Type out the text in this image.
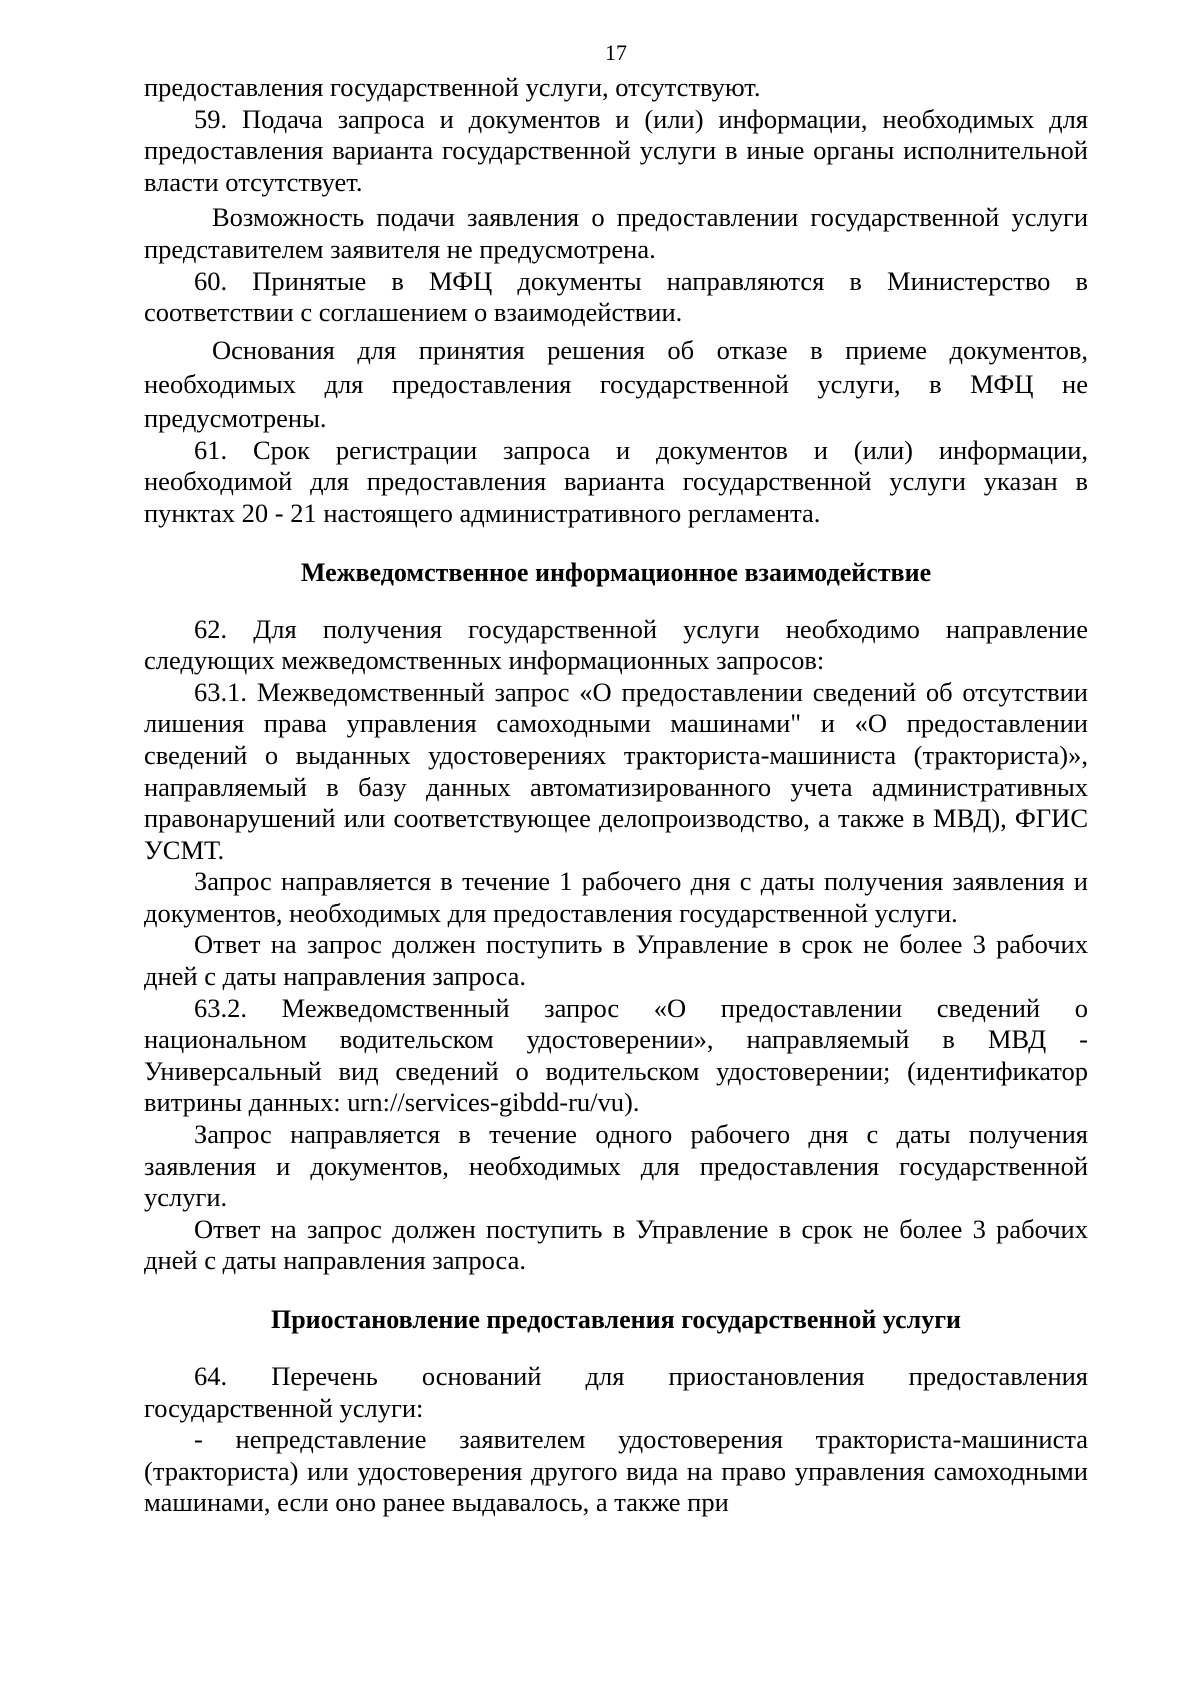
17

предоставления государственной услуги, отсутствуют.

59. Подача запроса и документов и (или) информации, необходимых для предоставления варианта государственной услуги в иные органы исполнительной власти отсутствует.

Возможность подачи заявления о предоставлении государственной услуги представителем заявителя не предусмотрена.

60. Принятые в МФЦ документы направляются в Министерство в соответствии с соглашением о взаимодействии.

Основания для принятия решения об отказе в приеме документов, необходимых для предоставления государственной услуги, в МФЦ не предусмотрены.

61. Срок регистрации запроса и документов и (или) информации, необходимой для предоставления варианта государственной услуги указан в пунктах 20 - 21 настоящего административного регламента.

Межведомственное информационное взаимодействие

62. Для получения государственной услуги необходимо направление следующих межведомственных информационных запросов:

63.1. Межведомственный запрос «О предоставлении сведений об отсутствии лишения права управления самоходными машинами" и «О предоставлении сведений о выданных удостоверениях тракториста-машиниста (тракториста)», направляемый в базу данных автоматизированного учета административных правонарушений или соответствующее делопроизводство, а также в МВД), ФГИС УСМТ.

Запрос направляется в течение 1 рабочего дня с даты получения заявления и документов, необходимых для предоставления государственной услуги.

Ответ на запрос должен поступить в Управление в срок не более 3 рабочих дней с даты направления запроса.

63.2. Межведомственный запрос «О предоставлении сведений о национальном водительском удостоверении», направляемый в МВД - Универсальный вид сведений о водительском удостоверении; (идентификатор витрины данных: urn://services-gibdd-ru/vu).

Запрос направляется в течение одного рабочего дня с даты получения заявления и документов, необходимых для предоставления государственной услуги.

Ответ на запрос должен поступить в Управление в срок не более 3 рабочих дней с даты направления запроса.

Приостановление предоставления государственной услуги

64. Перечень оснований для приостановления предоставления государственной услуги:

- непредставление заявителем удостоверения тракториста-машиниста (тракториста) или удостоверения другого вида на право управления самоходными машинами, если оно ранее выдавалось, а также при
